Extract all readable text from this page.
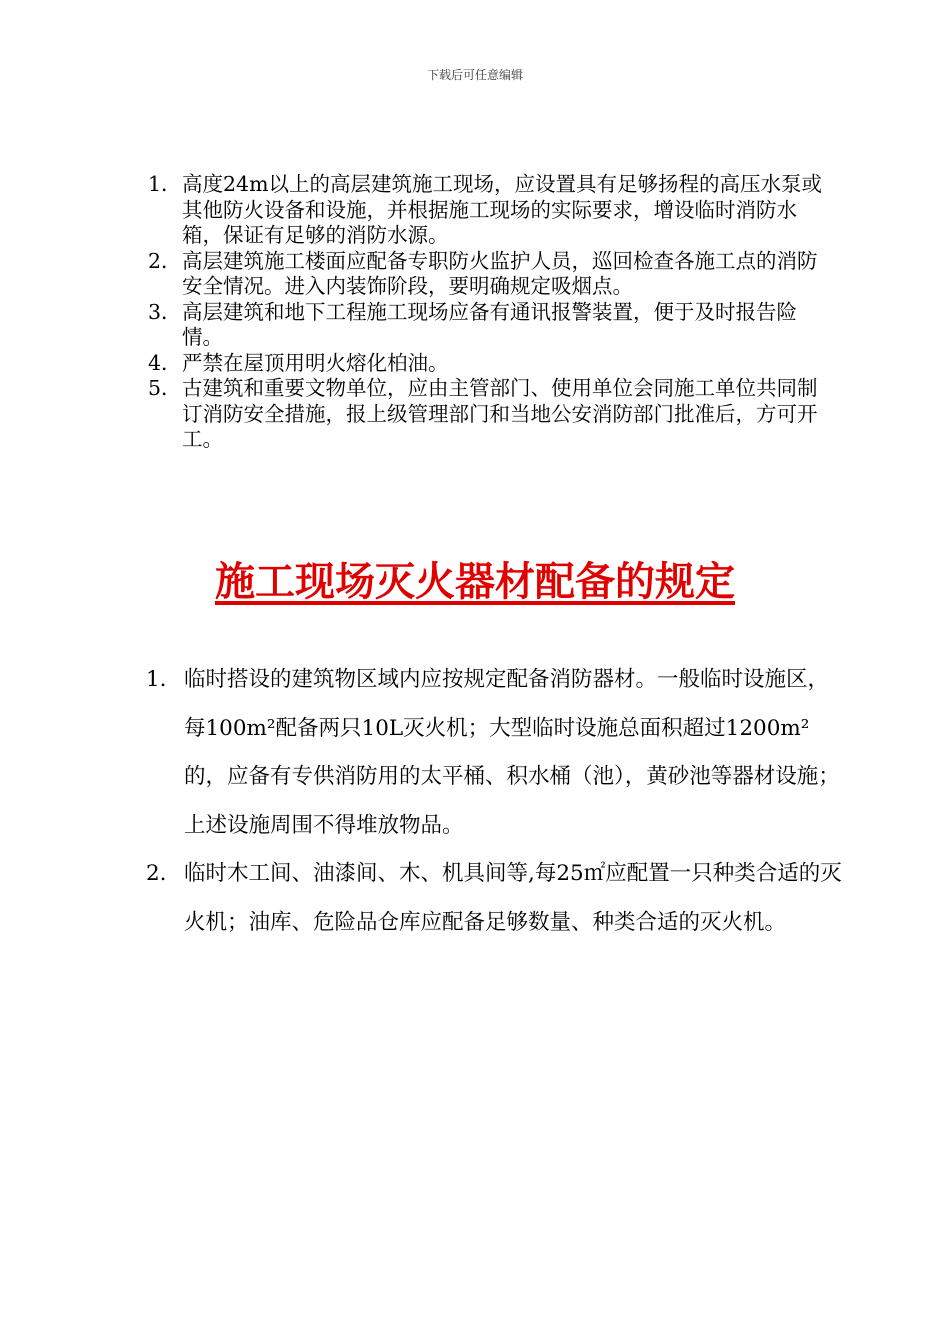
下载后可任意编辑
1． 高度24m以上的高层建筑施工现场，应设置具有足够扬程的高压水泵或其他防火设备和设施，并根据施工现场的实际要求，增设临时消防水箱，保证有足够的消防水源。
2． 高层建筑施工楼面应配备专职防火监护人员，巡回检查各施工点的消防安全情况。进入内装饰阶段，要明确规定吸烟点。
3． 高层建筑和地下工程施工现场应备有通讯报警装置，便于及时报告险情。
4． 严禁在屋顶用明火熔化柏油。
5． 古建筑和重要文物单位，应由主管部门、使用单位会同施工单位共同制订消防安全措施，报上级管理部门和当地公安消防部门批准后，方可开工。
施工现场灭火器材配备的规定
1. 临时搭设的建筑物区域内应按规定配备消防器材。一般临时设施区，每100m²配备两只10L灭火机；大型临时设施总面积超过1200m²的，应备有专供消防用的太平桶、积水桶（池），黄砂池等器材设施；上述设施周围不得堆放物品。
2. 临时木工间、油漆间、木、机具间等,每25㎡应配置一只种类合适的灭火机；油库、危险品仓库应配备足够数量、种类合适的灭火机。
